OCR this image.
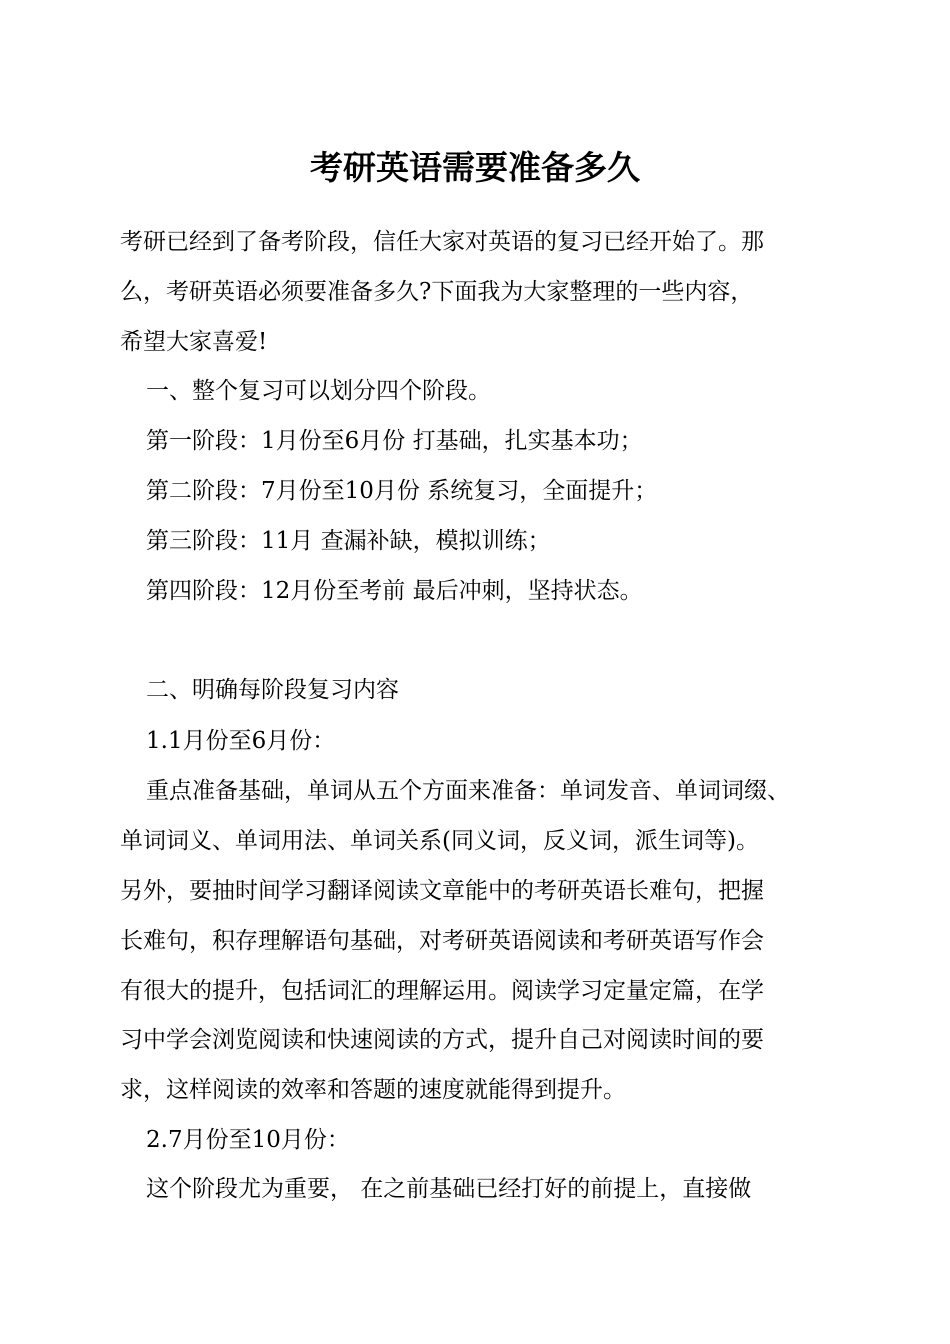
考研英语需要准备多久
考研已经到了备考阶段，信任大家对英语的复习已经开始了。那
么，考研英语必须要准备多久?下面我为大家整理的一些内容，
希望大家喜爱!
一、整个复习可以划分四个阶段。
第一阶段：1月份至6月份 打基础，扎实基本功；
第二阶段：7月份至10月份 系统复习，全面提升；
第三阶段：11月 查漏补缺，模拟训练；
第四阶段：12月份至考前 最后冲刺，坚持状态。
二、明确每阶段复习内容
1.1月份至6月份：
重点准备基础，单词从五个方面来准备：单词发音、单词词缀、
单词词义、单词用法、单词关系(同义词，反义词，派生词等)。
另外，要抽时间学习翻译阅读文章能中的考研英语长难句，把握
长难句，积存理解语句基础，对考研英语阅读和考研英语写作会
有很大的提升，包括词汇的理解运用。阅读学习定量定篇，在学
习中学会浏览阅读和快速阅读的方式，提升自己对阅读时间的要
求，这样阅读的效率和答题的速度就能得到提升。
2.7月份至10月份：
这个阶段尤为重要， 在之前基础已经打好的前提上，直接做
